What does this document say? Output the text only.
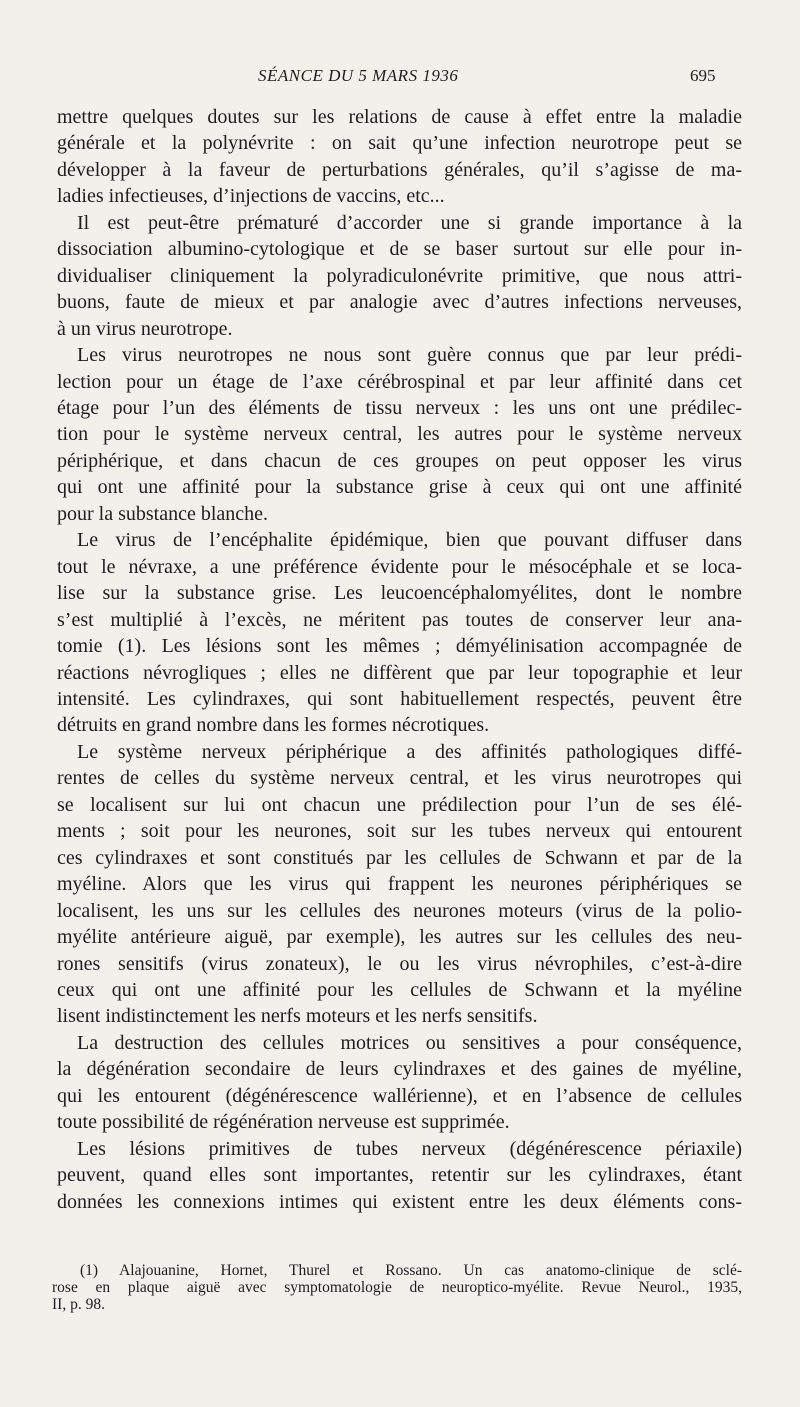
SÉANCE DU 5 MARS 1936	695
mettre quelques doutes sur les relations de cause à effet entre la maladie
générale et la polynévrite : on sait qu’une infection neurotrope peut se
développer à la faveur de perturbations générales, qu’il s’agisse de ma-
ladies infectieuses, d’injections de vaccins, etc...
Il est peut-être prématuré d’accorder une si grande importance à la
dissociation albumino-cytologique et de se baser surtout sur elle pour in-
dividualiser cliniquement la polyradiculonévrite primitive, que nous attri-
buons, faute de mieux et par analogie avec d’autres infections nerveuses,
à un virus neurotrope.
Les virus neurotropes ne nous sont guère connus que par leur prédi-
lection pour un étage de l’axe cérébrospinal et par leur affinité dans cet
étage pour l’un des éléments de tissu nerveux : les uns ont une prédilec-
tion pour le système nerveux central, les autres pour le système nerveux
périphérique, et dans chacun de ces groupes on peut opposer les virus
qui ont une affinité pour la substance grise à ceux qui ont une affinité
pour la substance blanche.
Le virus de l’encéphalite épidémique, bien que pouvant diffuser dans
tout le névraxe, a une préférence évidente pour le mésocéphale et se loca-
lise sur la substance grise. Les leucoencéphalomyélites, dont le nombre
s’est multiplié à l’excès, ne méritent pas toutes de conserver leur ana-
tomie (1). Les lésions sont les mêmes ; démyélinisation accompagnée de
réactions névrogliques ; elles ne diffèrent que par leur topographie et leur
intensité. Les cylindraxes, qui sont habituellement respectés, peuvent être
détruits en grand nombre dans les formes nécrotiques.
Le système nerveux périphérique a des affinités pathologiques diffé-
rentes de celles du système nerveux central, et les virus neurotropes qui
se localisent sur lui ont chacun une prédilection pour l’un de ses élé-
ments ; soit pour les neurones, soit sur les tubes nerveux qui entourent
ces cylindraxes et sont constitués par les cellules de Schwann et par de la
myéline. Alors que les virus qui frappent les neurones périphériques se
localisent, les uns sur les cellules des neurones moteurs (virus de la polio-
myélite antérieure aiguë, par exemple), les autres sur les cellules des neu-
rones sensitifs (virus zonateux), le ou les virus névrophiles, c’est-à-dire
ceux qui ont une affinité pour les cellules de Schwann et la myéline
lisent indistinctement les nerfs moteurs et les nerfs sensitifs.
La destruction des cellules motrices ou sensitives a pour conséquence,
la dégénération secondaire de leurs cylindraxes et des gaines de myéline,
qui les entourent (dégénérescence wallérienne), et en l’absence de cellules
toute possibilité de régénération nerveuse est supprimée.
Les lésions primitives de tubes nerveux (dégénérescence périaxile)
peuvent, quand elles sont importantes, retentir sur les cylindraxes, étant
données les connexions intimes qui existent entre les deux éléments cons-
(1) Alajouanine, Hornet, Thurel et Rossano. Un cas anatomo-clinique de sclé-
rose en plaque aiguë avec symptomatologie de neuroptico-myélite. Revue Neurol., 1935,
II, p. 98.
